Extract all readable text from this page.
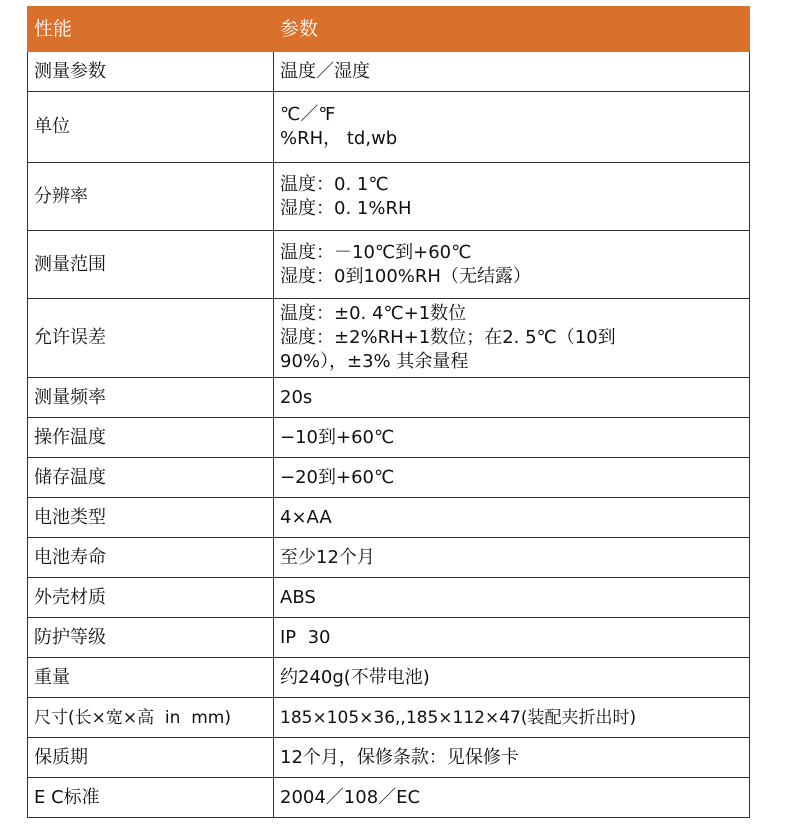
性能	参数
测量参数	温度／湿度

单位	℃／℉
%RH， td,wb

分辨率	温度：0. 1℃
湿度：0. 1%RH

测量范围	温度：－10℃到+60℃
湿度：0到100%RH（无结露）

允许误差	温度：±0. 4℃+1数位
湿度：±2%RH+1数位；在2. 5℃（10到
90%），±3% 其余量程

测量频率	20s

操作温度	−10到+60℃

储存温度	−20到+60℃

电池类型	4×AA

电池寿命	至少12个月

外壳材质	ABS

防护等级	IP  30

重量	约240g(不带电池)

尺寸(长×宽×高  in  mm)	185×105×36,,185×112×47(装配夹折出时)

保质期	12个月，保修条款：见保修卡

E C标准	2004／108／EC
